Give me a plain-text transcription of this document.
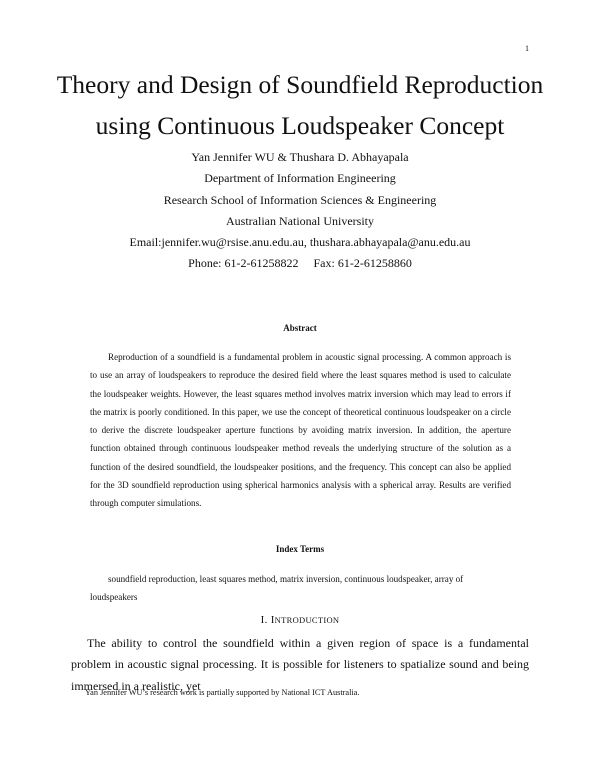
1
Theory and Design of Soundfield Reproduction
using Continuous Loudspeaker Concept
Yan Jennifer WU & Thushara D. Abhayapala
Department of Information Engineering
Research School of Information Sciences & Engineering
Australian National University
Email:jennifer.wu@rsise.anu.edu.au, thushara.abhayapala@anu.edu.au
Phone: 61-2-61258822     Fax: 61-2-61258860
Abstract

Reproduction of a soundfield is a fundamental problem in acoustic signal processing. A common approach is to use an array of loudspeakers to reproduce the desired field where the least squares method is used to calculate the loudspeaker weights. However, the least squares method involves matrix inversion which may lead to errors if the matrix is poorly conditioned. In this paper, we use the concept of theoretical continuous loudspeaker on a circle to derive the discrete loudspeaker aperture functions by avoiding matrix inversion. In addition, the aperture function obtained through continuous loudspeaker method reveals the underlying structure of the solution as a function of the desired soundfield, the loudspeaker positions, and the frequency. This concept can also be applied for the 3D soundfield reproduction using spherical harmonics analysis with a spherical array. Results are verified through computer simulations.

Index Terms

soundfield reproduction, least squares method, matrix inversion, continuous loudspeaker, array of loudspeakers

I. INTRODUCTION

The ability to control the soundfield within a given region of space is a fundamental problem in acoustic signal processing. It is possible for listeners to spatialize sound and being immersed in a realistic, yet

Yan Jennifer WU’s research work is partially supported by National ICT Australia.
